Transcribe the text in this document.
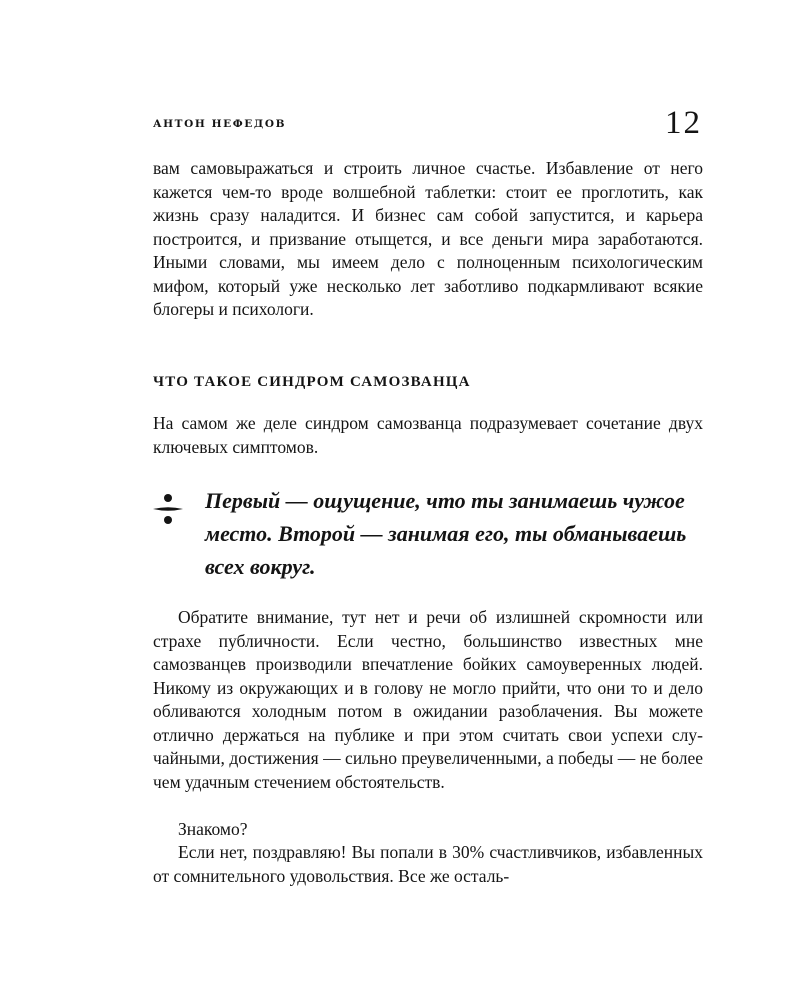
АНТОН НЕФЕДОВ	12

вам самовыражаться и строить личное счастье. Избавление от него кажется чем-то вроде волшебной таблетки: стоит ее проглотить, как жизнь сразу наладится. И бизнес сам собой запустится, и карьера построится, и призвание отыщется, и все деньги мира заработаются. Иными словами, мы имеем дело с полноценным психологическим мифом, который уже несколько лет заботливо подкармливают всякие блогеры и психологи.

ЧТО ТАКОЕ СИНДРОМ САМОЗВАНЦА

На самом же деле синдром самозванца подразумевает сочетание двух ключевых симптомов.

Первый — ощущение, что ты занимаешь чужое место. Второй — занимая его, ты обманываешь всех вокруг.

Обратите внимание, тут нет и речи об излишней скромности или страхе публичности. Если честно, большинство известных мне самозванцев производили впечатление бойких самоуверенных людей. Никому из окружающих и в голову не могло прийти, что они то и дело обливаются холодным потом в ожидании разоблачения. Вы можете отлично держаться на публике и при этом считать свои успехи случайными, достижения — сильно преувеличенными, а победы — не более чем удачным стечением обстоятельств.

Знакомо?

Если нет, поздравляю! Вы попали в 30% счастливчиков, избавленных от сомнительного удовольствия. Все же осталь-
